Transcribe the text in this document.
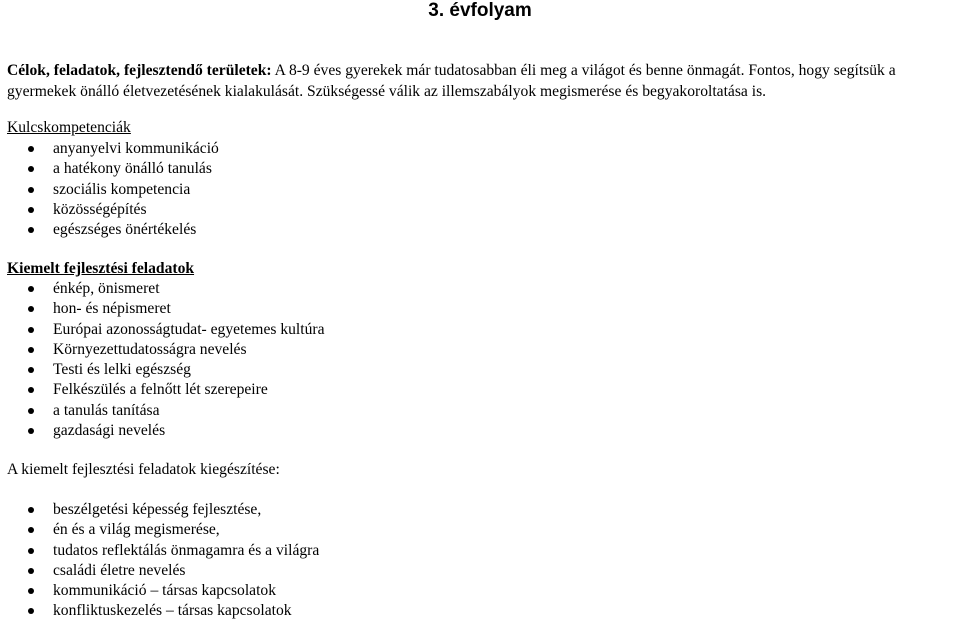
3. évfolyam
Célok, feladatok, fejlesztendő területek: A 8-9 éves gyerekek már tudatosabban éli meg a világot és benne önmagát. Fontos, hogy segítsük a
gyermekek önálló életvezetésének kialakulását. Szükségessé válik az illemszabályok megismerése és begyakoroltatása is.
Kulcskompetenciák
anyanyelvi kommunikáció
a hatékony önálló tanulás
szociális kompetencia
közösségépítés
egészséges önértékelés
Kiemelt fejlesztési feladatok
énkép, önismeret
hon- és népismeret
Európai azonosságtudat- egyetemes kultúra
Környezettudatosságra nevelés
Testi és lelki egészség
Felkészülés a felnőtt lét szerepeire
a tanulás tanítása
gazdasági nevelés
A kiemelt fejlesztési feladatok kiegészítése:
beszélgetési képesség fejlesztése,
én és a világ megismerése,
tudatos reflektálás önmagamra és a világra
családi életre nevelés
kommunikáció – társas kapcsolatok
konfliktuskezelés – társas kapcsolatok
